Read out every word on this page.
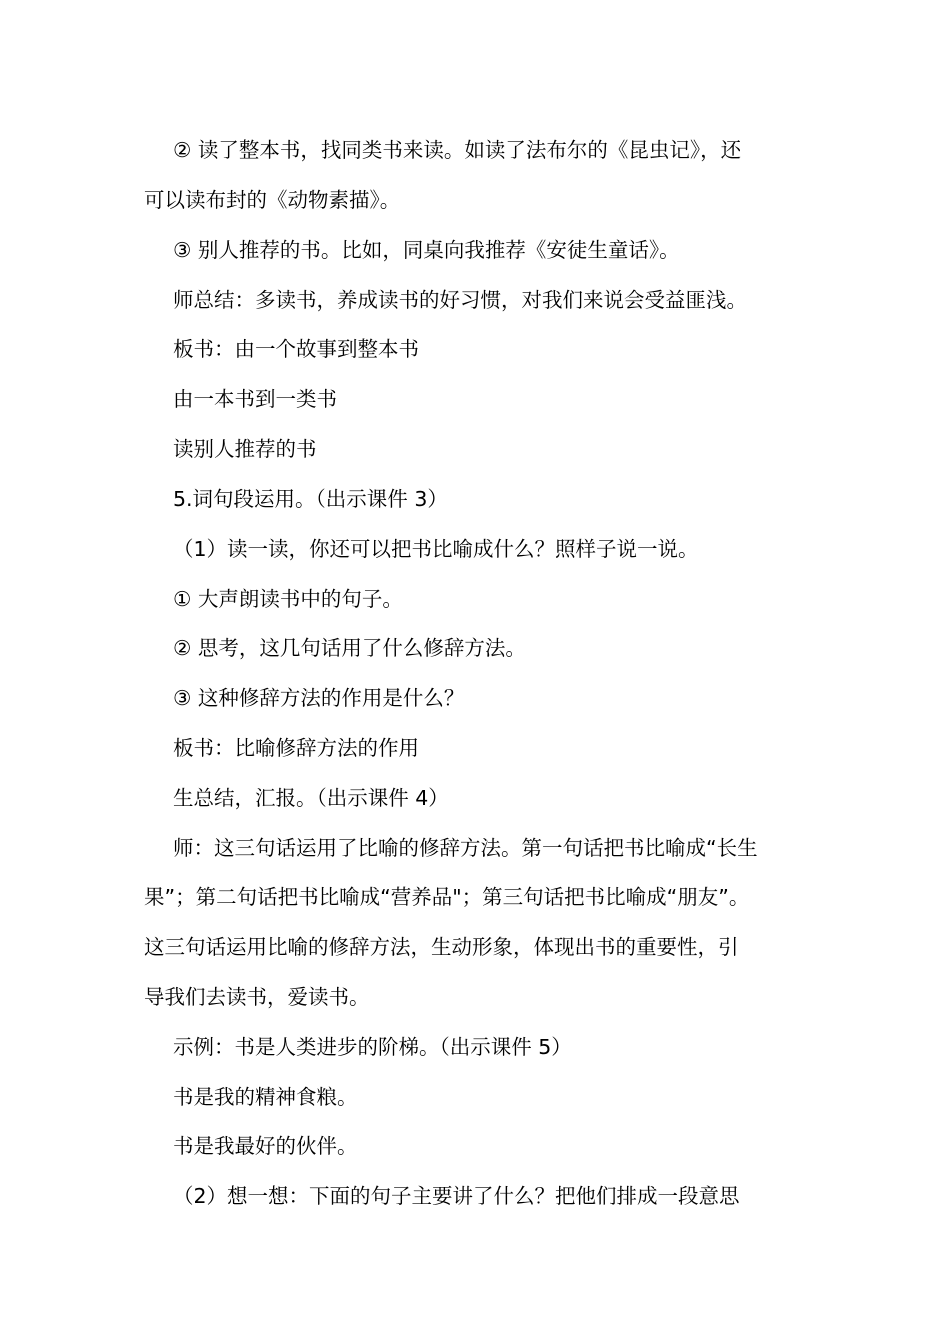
② 读了整本书，找同类书来读。如读了法布尔的《昆虫记》，还
可以读布封的《动物素描》。
③ 别人推荐的书。比如，同桌向我推荐《安徒生童话》。
师总结：多读书，养成读书的好习惯，对我们来说会受益匪浅。
板书：由一个故事到整本书
由一本书到一类书
读别人推荐的书
5.词句段运用。（出示课件 3）
（1）读一读，你还可以把书比喻成什么？照样子说一说。
① 大声朗读书中的句子。
② 思考，这几句话用了什么修辞方法。
③ 这种修辞方法的作用是什么？
板书：比喻修辞方法的作用
生总结，汇报。（出示课件 4）
师：这三句话运用了比喻的修辞方法。第一句话把书比喻成“长生
果”；第二句话把书比喻成“营养品"；第三句话把书比喻成“朋友”。
这三句话运用比喻的修辞方法，生动形象，体现出书的重要性，引
导我们去读书，爱读书。
示例：书是人类进步的阶梯。（出示课件 5）
书是我的精神食粮。
书是我最好的伙伴。
（2）想一想：下面的句子主要讲了什么？把他们排成一段意思
